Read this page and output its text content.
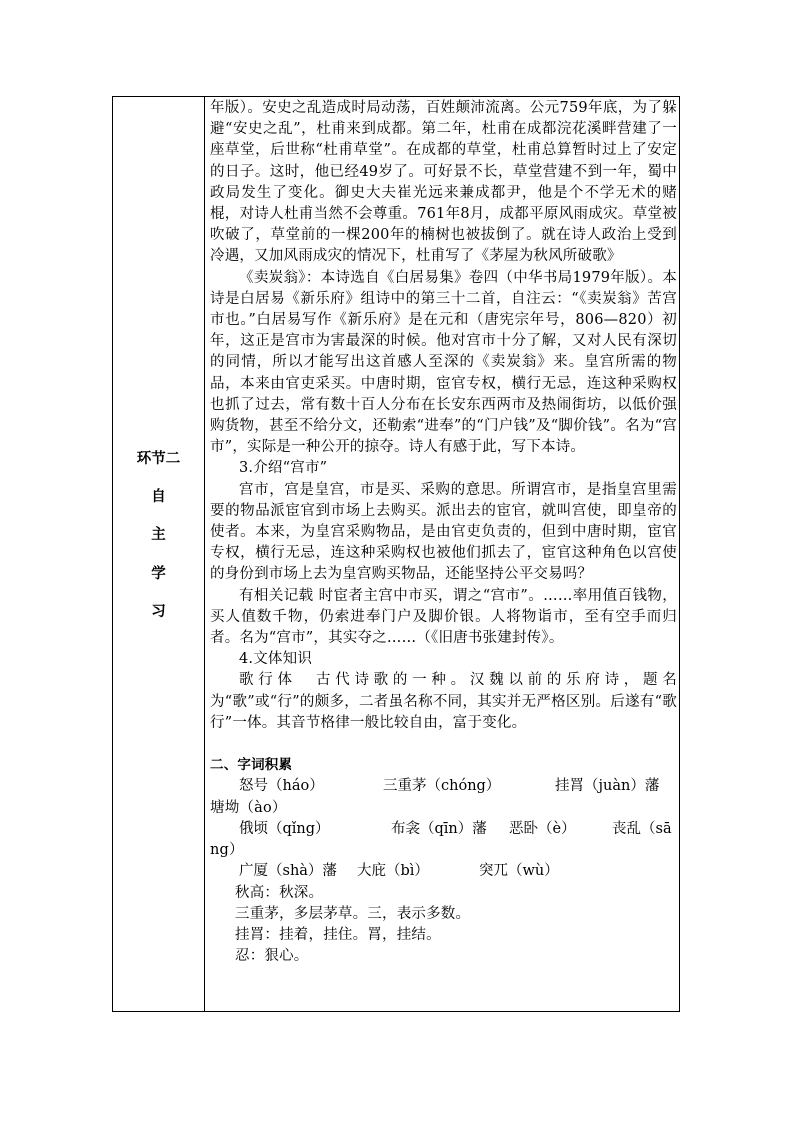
环节二
自
主
学
习

年版）。安史之乱造成时局动荡，百姓颠沛流离。公元759年底，为了躲避“安史之乱”，杜甫来到成都。第二年，杜甫在成都浣花溪畔营建了一座草堂，后世称“杜甫草堂”。在成都的草堂，杜甫总算暂时过上了安定的日子。这时，他已经49岁了。可好景不长，草堂营建不到一年，蜀中政局发生了变化。御史大夫崔光远来兼成都尹，他是个不学无术的赌棍，对诗人杜甫当然不会尊重。761年8月，成都平原风雨成灾。草堂被吹破了，草堂前的一棵200年的楠树也被拔倒了。就在诗人政治上受到冷遇，又加风雨成灾的情况下，杜甫写了《茅屋为秋风所破歌》

《卖炭翁》：本诗选自《白居易集》卷四（中华书局1979年版）。本诗是白居易《新乐府》组诗中的第三十二首，自注云：“《卖炭翁》苦宫市也。”白居易写作《新乐府》是在元和（唐宪宗年号，806—820）初年，这正是宫市为害最深的时候。他对宫市十分了解，又对人民有深切的同情，所以才能写出这首感人至深的《卖炭翁》来。皇宫所需的物品，本来由官吏采买。中唐时期，宦官专权，横行无忌，连这种采购权也抓了过去，常有数十百人分布在长安东西两市及热闹街坊，以低价强购货物，甚至不给分文，还勒索“进奉”的“门户钱”及“脚价钱”。名为“宫市”，实际是一种公开的掠夺。诗人有感于此，写下本诗。

3.介绍“宫市”

宫市，宫是皇宫，市是买、采购的意思。所谓宫市，是指皇宫里需要的物品派宦官到市场上去购买。派出去的宦官，就叫宫使，即皇帝的使者。本来，为皇宫采购物品，是由官吏负责的，但到中唐时期，宦官专权，横行无忌，连这种采购权也被他们抓去了，宦官这种角色以宫使的身份到市场上去为皇宫购买物品，还能坚持公平交易吗？

有相关记载 时宦者主宫中市买，谓之“宫市”。……率用值百钱物，买人值数千物，仍索进奉门户及脚价银。人将物诣市，至有空手而归者。名为“宫市”，其实夺之……（《旧唐书张建封传》。

4.文体知识

歌行体　古代诗歌的一种。汉魏以前的乐府诗，题名为“歌”或“行”的颇多，二者虽名称不同，其实并无严格区别。后遂有“歌行”一体。其音节格律一般比较自由，富于变化。

二、字词积累

怒号（háo）	三重茅（chóng）	挂罥（juàn）藩

塘坳（ào）

俄顷（qǐng）	布衾（qīn）藩	恶卧（è）	丧乱（sā

ng）

广厦（shà）藩	大庇（bì）	突兀（wù）

秋高：秋深。

三重茅，多层茅草。三，表示多数。

挂罥：挂着，挂住。罥，挂结。

忍：狠心。
